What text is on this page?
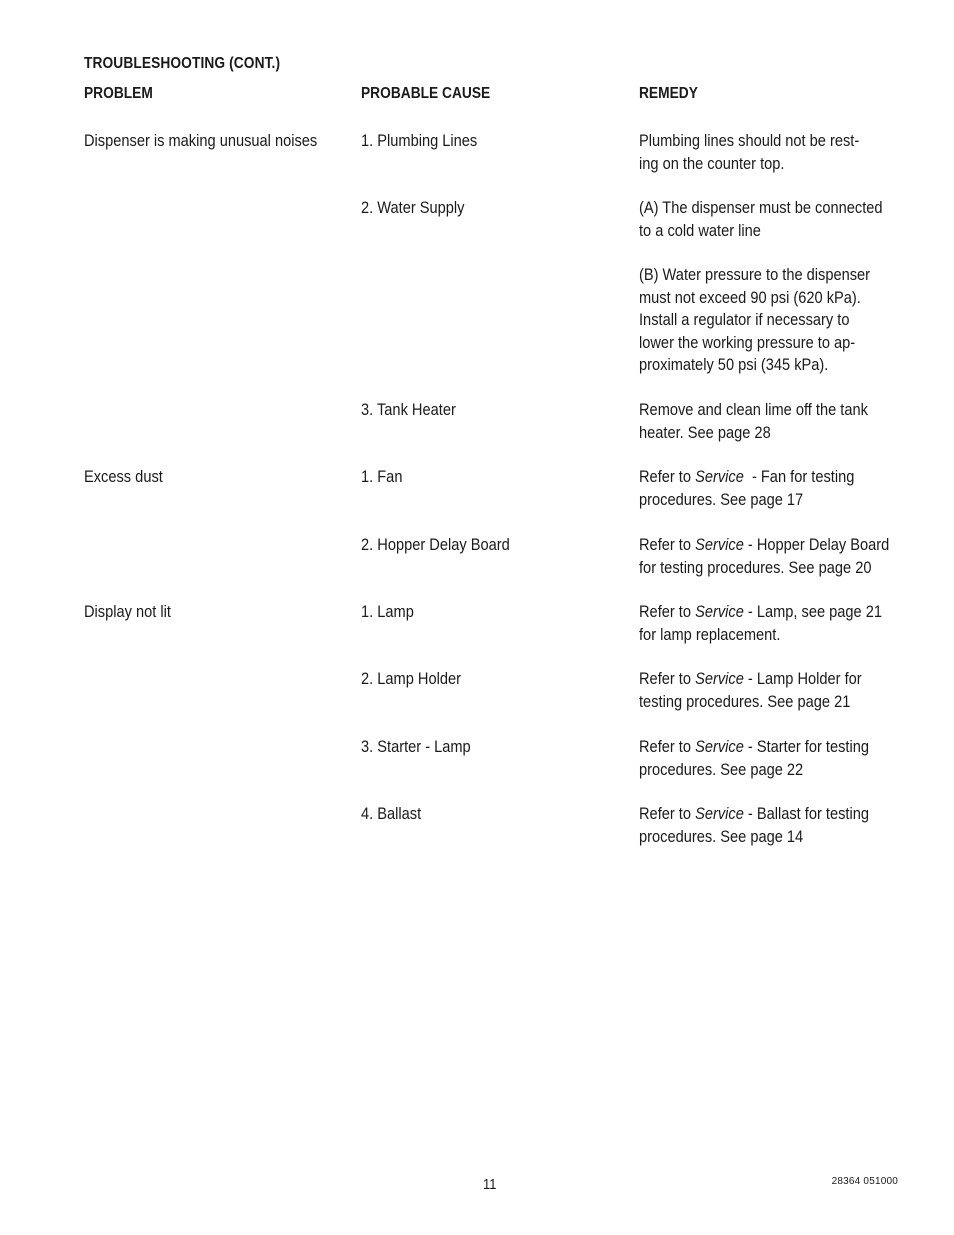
TROUBLESHOOTING (CONT.)
PROBLEM	PROBABLE CAUSE	REMEDY
Dispenser is making unusual noises	1. Plumbing Lines	Plumbing lines should not be rest-
ing on the counter top.
2. Water Supply	(A) The dispenser must be connected
to a cold water line
(B) Water pressure to the dispenser
must not exceed 90 psi (620 kPa).
Install a regulator if necessary to
lower the working pressure to ap-
proximately 50 psi (345 kPa).
3. Tank Heater	Remove and clean lime off the tank
heater. See page 28
Excess dust	1. Fan	Refer to Service  - Fan for testing
procedures. See page 17
2. Hopper Delay Board	Refer to Service - Hopper Delay Board
for testing procedures. See page 20
Display not lit	1. Lamp	Refer to Service - Lamp, see page 21
for lamp replacement.
2. Lamp Holder	Refer to Service - Lamp Holder for
testing procedures. See page 21
3. Starter - Lamp	Refer to Service - Starter for testing
procedures. See page 22
4. Ballast	Refer to Service - Ballast for testing
procedures. See page 14
11	28364 051000
